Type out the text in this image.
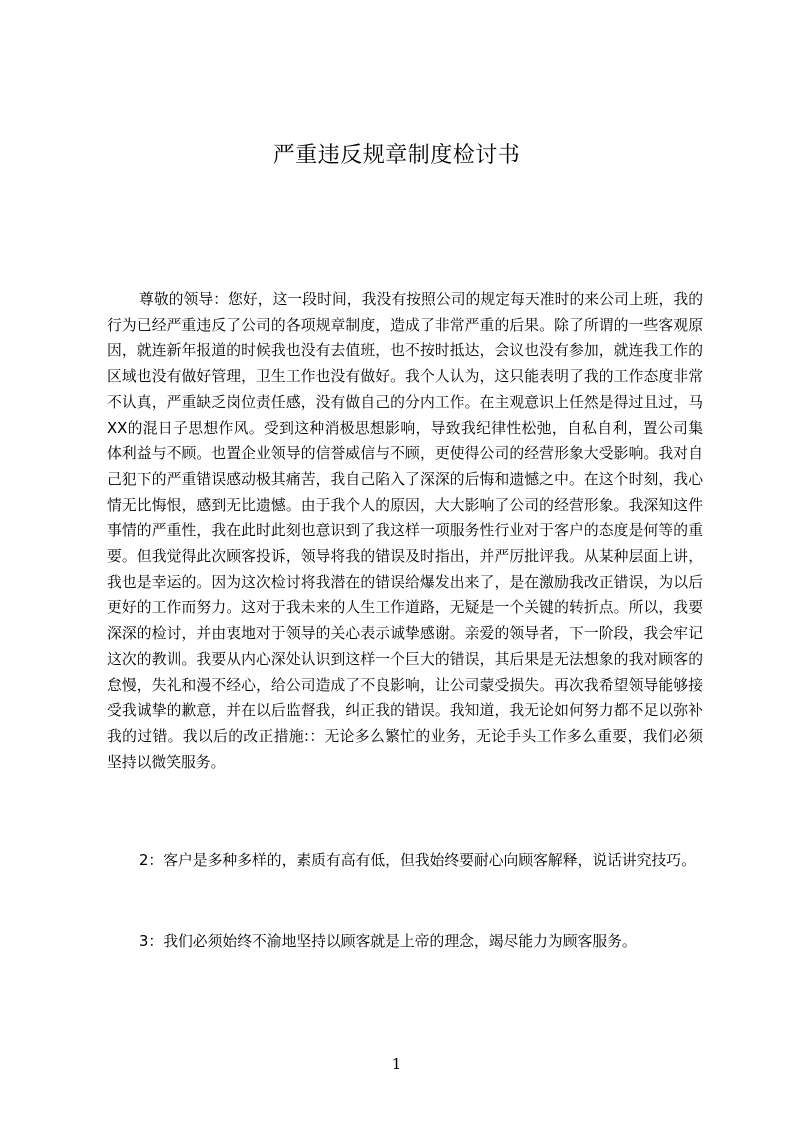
严重违反规章制度检讨书

尊敬的领导：您好，这一段时间，我没有按照公司的规定每天准时的来公司上班，我的行为已经严重违反了公司的各项规章制度，造成了非常严重的后果。除了所谓的一些客观原因，就连新年报道的时候我也没有去值班，也不按时抵达，会议也没有参加，就连我工作的区域也没有做好管理，卫生工作也没有做好。我个人认为，这只能表明了我的工作态度非常不认真，严重缺乏岗位责任感，没有做自己的分内工作。在主观意识上任然是得过且过，马XX的混日子思想作风。受到这种消极思想影响，导致我纪律性松弛，自私自利，置公司集体利益与不顾。也置企业领导的信誉威信与不顾，更使得公司的经营形象大受影响。我对自己犯下的严重错误感动极其痛苦，我自己陷入了深深的后悔和遗憾之中。在这个时刻，我心情无比悔恨，感到无比遗憾。由于我个人的原因，大大影响了公司的经营形象。我深知这件事情的严重性，我在此时此刻也意识到了我这样一项服务性行业对于客户的态度是何等的重要。但我觉得此次顾客投诉，领导将我的错误及时指出，并严厉批评我。从某种层面上讲，我也是幸运的。因为这次检讨将我潜在的错误给爆发出来了，是在激励我改正错误，为以后更好的工作而努力。这对于我未来的人生工作道路，无疑是一个关键的转折点。所以，我要深深的检讨，并由衷地对于领导的关心表示诚挚感谢。亲爱的领导者，下一阶段，我会牢记这次的教训。我要从内心深处认识到这样一个巨大的错误，其后果是无法想象的我对顾客的怠慢，失礼和漫不经心，给公司造成了不良影响，让公司蒙受损失。再次我希望领导能够接受我诚挚的歉意，并在以后监督我，纠正我的错误。我知道，我无论如何努力都不足以弥补我的过错。我以后的改正措施:：无论多么繁忙的业务，无论手头工作多么重要，我们必须坚持以微笑服务。

2：客户是多种多样的，素质有高有低，但我始终要耐心向顾客解释，说话讲究技巧。

3：我们必须始终不渝地坚持以顾客就是上帝的理念，竭尽能力为顾客服务。

1
